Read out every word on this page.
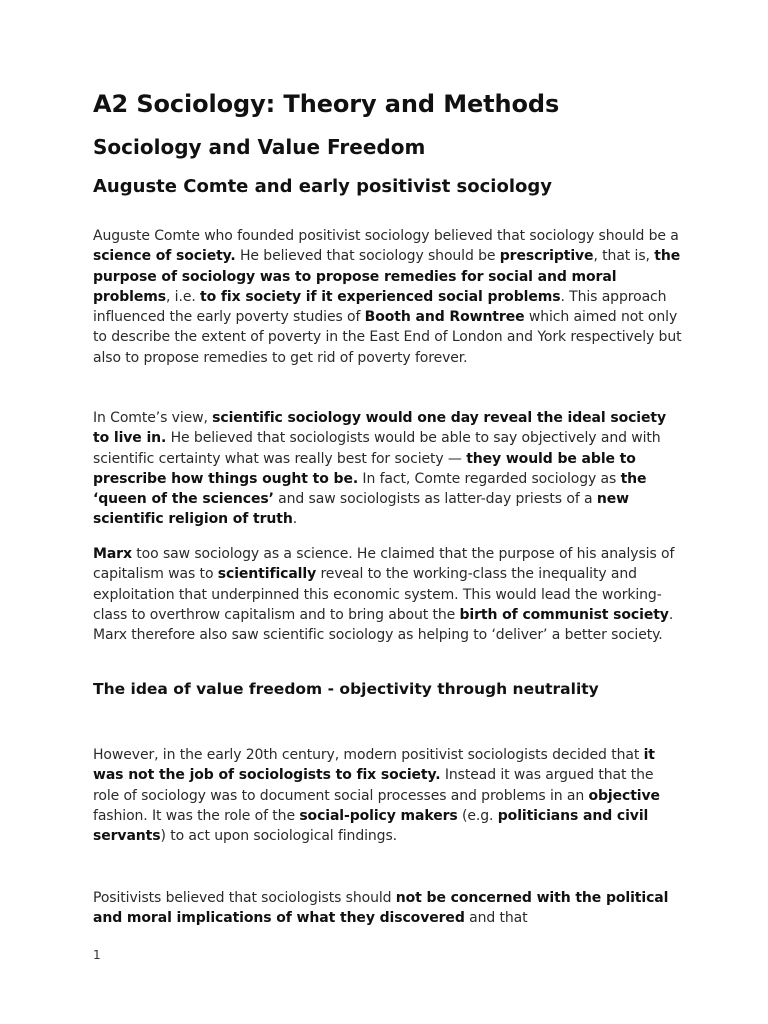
A2 Sociology: Theory and Methods
Sociology and Value Freedom
Auguste Comte and early positivist sociology

Auguste Comte who founded positivist sociology believed that sociology should be a science of society. He believed that sociology should be prescriptive, that is, the purpose of sociology was to propose remedies for social and moral problems, i.e. to fix society if it experienced social problems. This approach influenced the early poverty studies of Booth and Rowntree which aimed not only to describe the extent of poverty in the East End of London and York respectively but also to propose remedies to get rid of poverty forever.

In Comte’s view, scientific sociology would one day reveal the ideal society to live in. He believed that sociologists would be able to say objectively and with scientific certainty what was really best for society — they would be able to prescribe how things ought to be. In fact, Comte regarded sociology as the ‘queen of the sciences’ and saw sociologists as latter-day priests of a new scientific religion of truth.

Marx too saw sociology as a science. He claimed that the purpose of his analysis of capitalism was to scientifically reveal to the working-class the inequality and exploitation that underpinned this economic system. This would lead the working-class to overthrow capitalism and to bring about the birth of communist society. Marx therefore also saw scientific sociology as helping to ‘deliver’ a better society.

The idea of value freedom - objectivity through neutrality

However, in the early 20th century, modern positivist sociologists decided that it was not the job of sociologists to fix society. Instead it was argued that the role of sociology was to document social processes and problems in an objective fashion. It was the role of the social-policy makers (e.g. politicians and civil servants) to act upon sociological findings.

Positivists believed that sociologists should not be concerned with the political and moral implications of what they discovered and that

1
